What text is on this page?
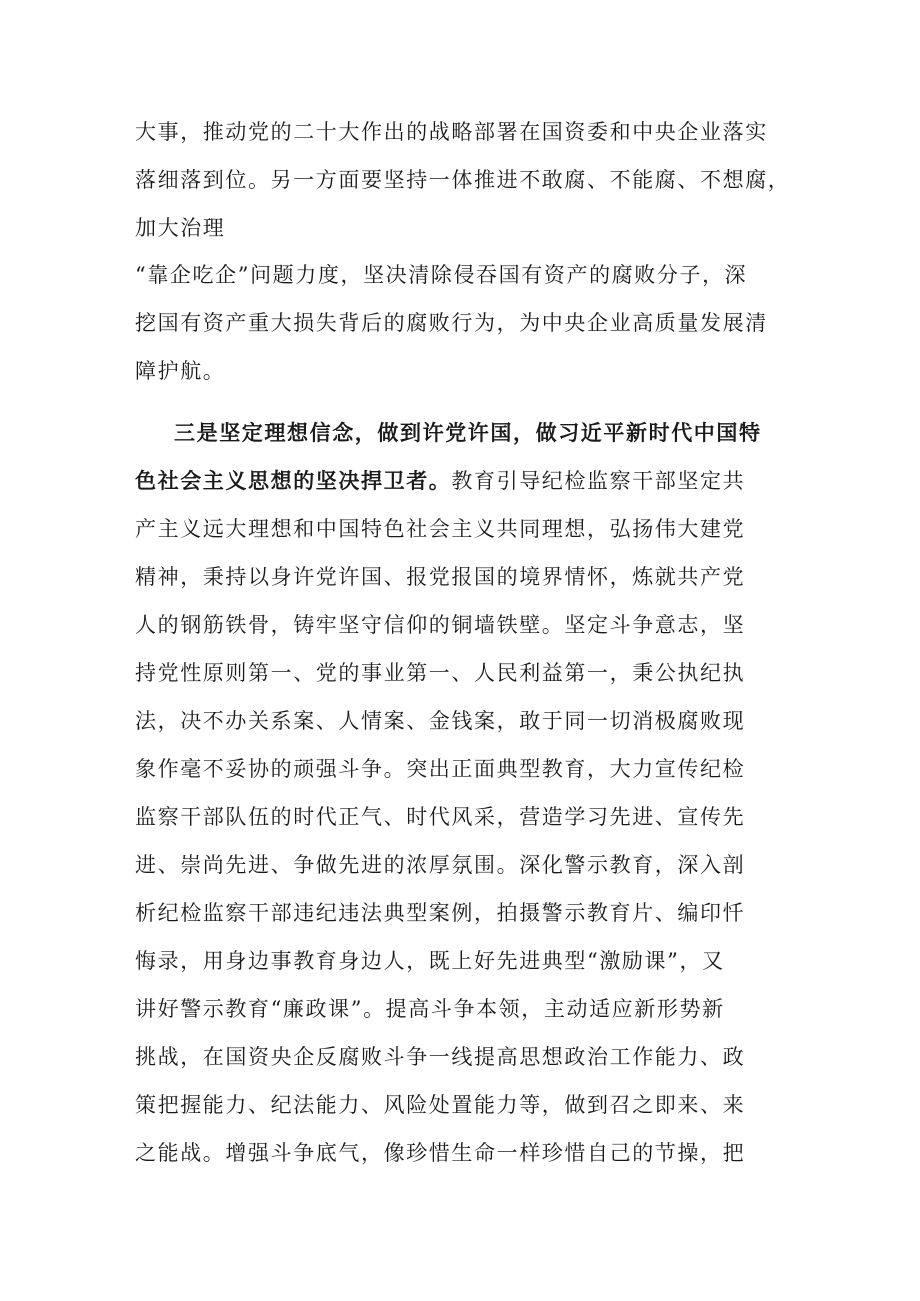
大事，推动党的二十大作出的战略部署在国资委和中央企业落实
落细落到位。另一方面要坚持一体推进不敢腐、不能腐、不想腐，
加大治理
“靠企吃企”问题力度，坚决清除侵吞国有资产的腐败分子，深
挖国有资产重大损失背后的腐败行为，为中央企业高质量发展清
障护航。
三是坚定理想信念，做到许党许国，做习近平新时代中国特
色社会主义思想的坚决捍卫者。教育引导纪检监察干部坚定共
产主义远大理想和中国特色社会主义共同理想，弘扬伟大建党
精神，秉持以身许党许国、报党报国的境界情怀，炼就共产党
人的钢筋铁骨，铸牢坚守信仰的铜墙铁壁。坚定斗争意志，坚
持党性原则第一、党的事业第一、人民利益第一，秉公执纪执
法，决不办关系案、人情案、金钱案，敢于同一切消极腐败现
象作毫不妥协的顽强斗争。突出正面典型教育，大力宣传纪检
监察干部队伍的时代正气、时代风采，营造学习先进、宣传先
进、崇尚先进、争做先进的浓厚氛围。深化警示教育，深入剖
析纪检监察干部违纪违法典型案例，拍摄警示教育片、编印忏
悔录，用身边事教育身边人，既上好先进典型“激励课”，又
讲好警示教育“廉政课”。提高斗争本领，主动适应新形势新
挑战，在国资央企反腐败斗争一线提高思想政治工作能力、政
策把握能力、纪法能力、风险处置能力等，做到召之即来、来
之能战。增强斗争底气，像珍惜生命一样珍惜自己的节操，把
